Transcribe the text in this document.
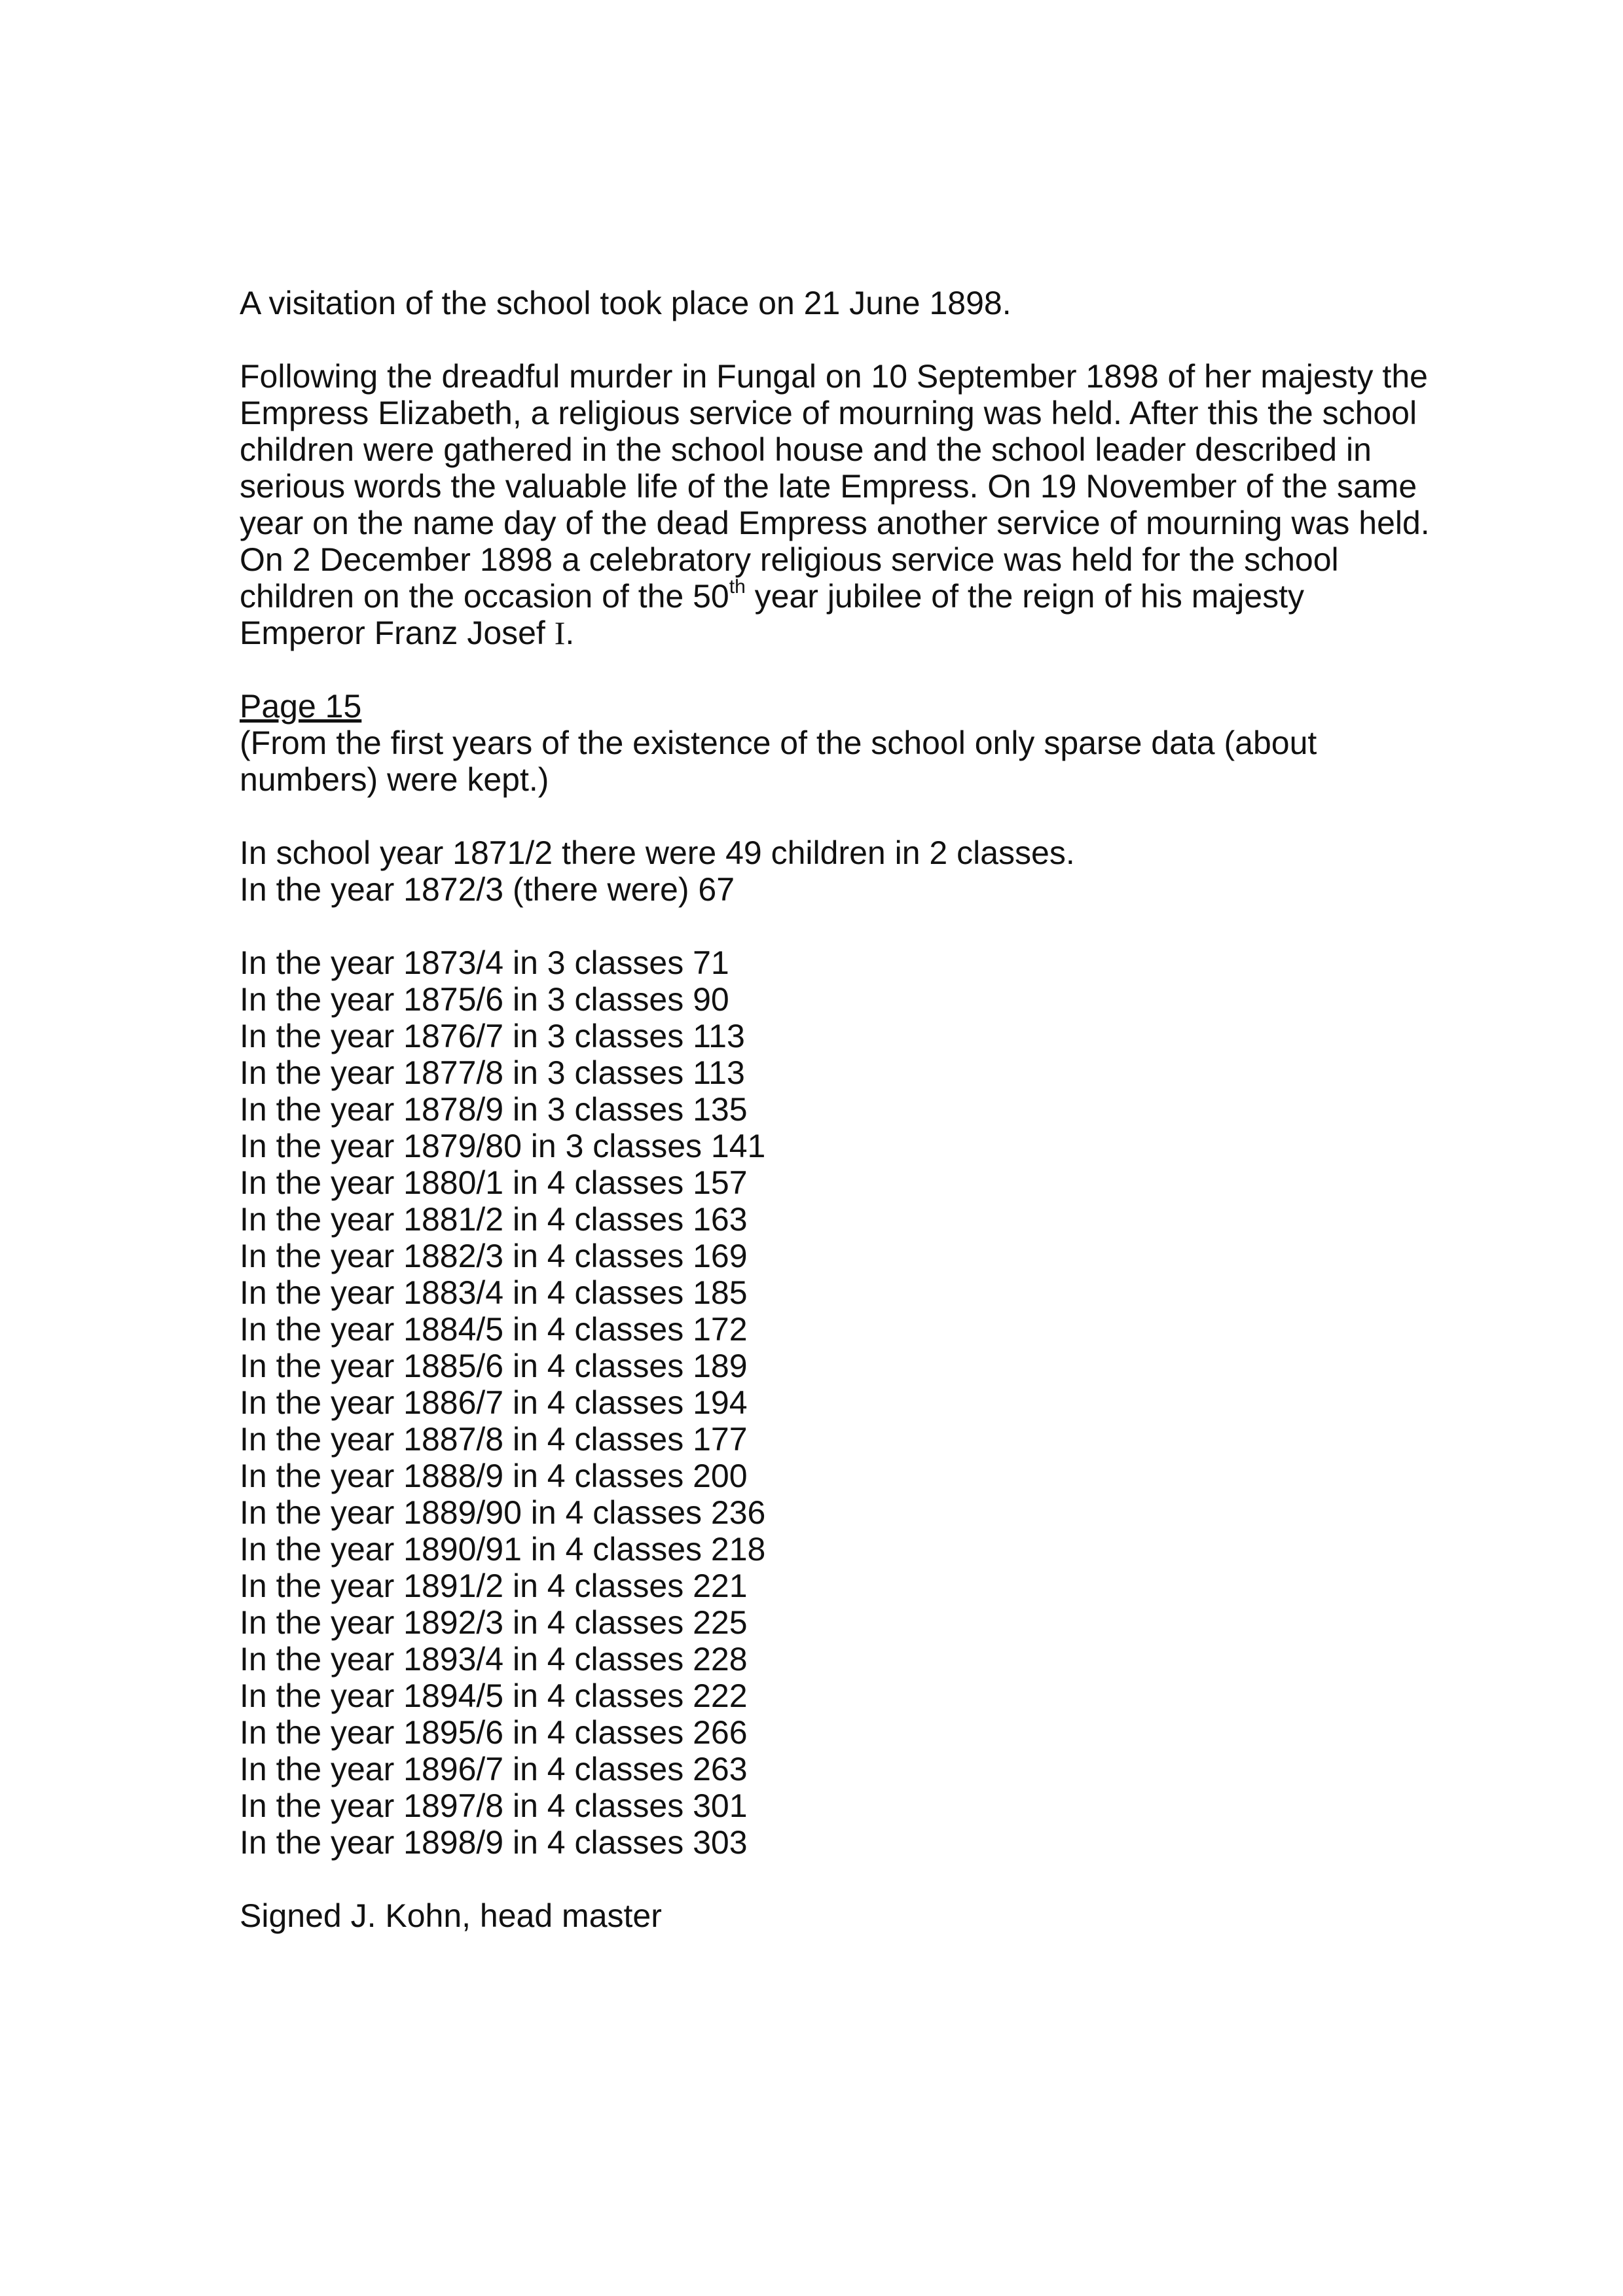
A visitation of the school took place on 21 June 1898.

Following the dreadful murder in Fungal on 10 September 1898 of her majesty the Empress Elizabeth, a religious service of mourning was held. After this the school children were gathered in the school house and the school leader described in serious words the valuable life of the late Empress. On 19 November of the same year on the name day of the dead Empress another service of mourning was held. On 2 December 1898 a celebratory religious service was held for the school children on the occasion of the 50th year jubilee of the reign of his majesty Emperor Franz Josef I.

Page 15

(From the first years of the existence of the school only sparse data (about numbers) were kept.)

In school year 1871/2 there were 49 children in 2 classes.
In the year 1872/3 (there were) 67
In the year 1873/4 in 3 classes 71
In the year 1875/6 in 3 classes 90
In the year 1876/7 in 3 classes 113
In the year 1877/8 in 3 classes 113
In the year 1878/9 in 3 classes 135
In the year 1879/80 in 3 classes 141
In the year 1880/1 in 4 classes 157
In the year 1881/2 in 4 classes 163
In the year 1882/3 in 4 classes 169
In the year 1883/4 in 4 classes 185
In the year 1884/5 in 4 classes 172
In the year 1885/6 in 4 classes 189
In the year 1886/7 in 4 classes 194
In the year 1887/8 in 4 classes 177
In the year 1888/9 in 4 classes 200
In the year 1889/90 in 4 classes 236
In the year 1890/91 in 4 classes 218
In the year 1891/2 in 4 classes 221
In the year 1892/3 in 4 classes 225
In the year 1893/4 in 4 classes 228
In the year 1894/5 in 4 classes 222
In the year 1895/6 in 4 classes 266
In the year 1896/7 in 4 classes 263
In the year 1897/8 in 4 classes 301
In the year 1898/9 in 4 classes 303

Signed J. Kohn, head master
